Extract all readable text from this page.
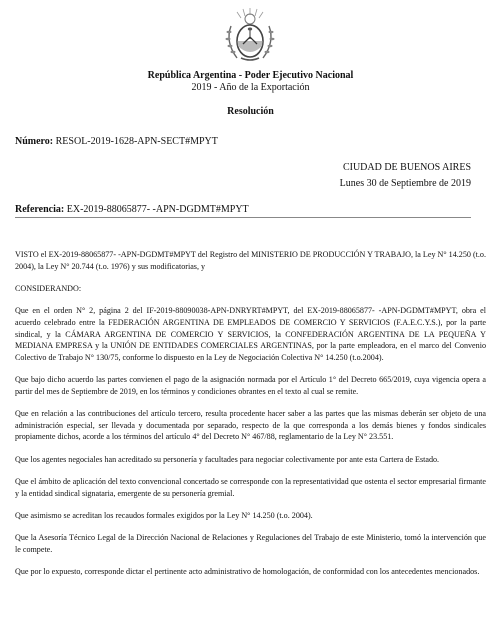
República Argentina - Poder Ejecutivo Nacional
2019 - Año de la Exportación
Resolución
Número: RESOL-2019-1628-APN-SECT#MPYT
CIUDAD DE BUENOS AIRES
Lunes 30 de Septiembre de 2019
Referencia: EX-2019-88065877- -APN-DGDMT#MPYT

VISTO el EX-2019-88065877- -APN-DGDMT#MPYT del Registro del MINISTERIO DE PRODUCCIÓN Y TRABAJO, la Ley N° 14.250 (t.o. 2004), la Ley N° 20.744 (t.o. 1976) y sus modificatorias, y

CONSIDERANDO:

Que en el orden N° 2, página 2 del IF-2019-88090038-APN-DNRYRT#MPYT, del EX-2019-88065877- -APN-DGDMT#MPYT, obra el acuerdo celebrado entre la FEDERACIÓN ARGENTINA DE EMPLEADOS DE COMERCIO Y SERVICIOS (F.A.E.C.Y.S.), por la parte sindical, y la CÁMARA ARGENTINA DE COMERCIO Y SERVICIOS, la CONFEDERACIÓN ARGENTINA DE LA PEQUEÑA Y MEDIANA EMPRESA y la UNIÓN DE ENTIDADES COMERCIALES ARGENTINAS, por la parte empleadora, en el marco del Convenio Colectivo de Trabajo N° 130/75, conforme lo dispuesto en la Ley de Negociación Colectiva N° 14.250 (t.o.2004).

Que bajo dicho acuerdo las partes convienen el pago de la asignación normada por el Artículo 1° del Decreto 665/2019, cuya vigencia opera a partir del mes de Septiembre de 2019, en los términos y condiciones obrantes en el texto al cual se remite.

Que en relación a las contribuciones del artículo tercero, resulta procedente hacer saber a las partes que las mismas deberán ser objeto de una administración especial, ser llevada y documentada por separado, respecto de la que corresponda a los demás bienes y fondos sindicales propiamente dichos, acorde a los términos del artículo 4° del Decreto N° 467/88, reglamentario de la Ley N° 23.551.

Que los agentes negociales han acreditado su personería y facultades para negociar colectivamente por ante esta Cartera de Estado.

Que el ámbito de aplicación del texto convencional concertado se corresponde con la representatividad que ostenta el sector empresarial firmante y la entidad sindical signataria, emergente de su personería gremial.

Que asimismo se acreditan los recaudos formales exigidos por la Ley N° 14.250 (t.o. 2004).

Que la Asesoría Técnico Legal de la Dirección Nacional de Relaciones y Regulaciones del Trabajo de este Ministerio, tomó la intervención que le compete.

Que por lo expuesto, corresponde dictar el pertinente acto administrativo de homologación, de conformidad con los antecedentes mencionados.
